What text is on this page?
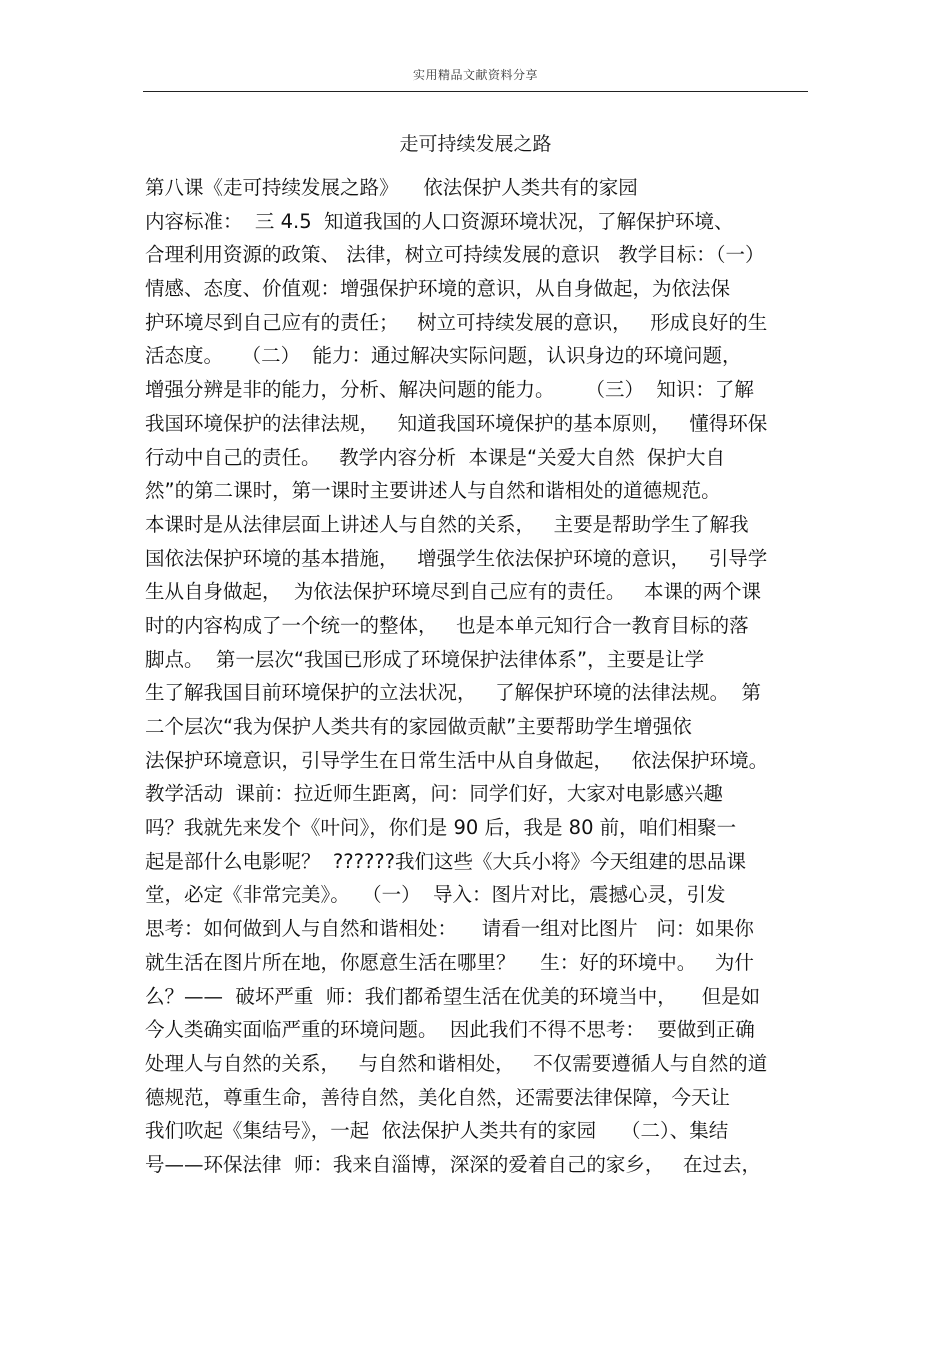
实用精品文献资料分享
走可持续发展之路
第八课《走可持续发展之路》    依法保护人类共有的家园
内容标准：  三 4.5  知道我国的人口资源环境状况，了解保护环境、
合理利用资源的政策、 法律，树立可持续发展的意识   教学目标：（一）
情感、态度、价值观：增强保护环境的意识，从自身做起，为依法保
护环境尽到自己应有的责任；   树立可持续发展的意识，   形成良好的生
活态度。   （二）  能力：通过解决实际问题，认识身边的环境问题，
增强分辨是非的能力，分析、解决问题的能力。     （三）  知识：了解
我国环境保护的法律法规，   知道我国环境保护的基本原则，   懂得环保
行动中自己的责任。   教学内容分析  本课是“关爱大自然  保护大自
然”的第二课时，第一课时主要讲述人与自然和谐相处的道德规范。
本课时是从法律层面上讲述人与自然的关系，   主要是帮助学生了解我
国依法保护环境的基本措施，   增强学生依法保护环境的意识，   引导学
生从自身做起，  为依法保护环境尽到自己应有的责任。   本课的两个课
时的内容构成了一个统一的整体，   也是本单元知行合一教育目标的落
脚点。  第一层次“我国已形成了环境保护法律体系”，主要是让学
生了解我国目前环境保护的立法状况，   了解保护环境的法律法规。  第
二个层次“我为保护人类共有的家园做贡献”主要帮助学生增强依
法保护环境意识，引导学生在日常生活中从自身做起，   依法保护环境。
教学活动  课前：拉近师生距离，问：同学们好，大家对电影感兴趣
吗？我就先来发个《叶问》，你们是 90 后，我是 80 前，咱们相聚一
起是部什么电影呢？  ??????我们这些《大兵小将》今天组建的思品课
堂，必定《非常完美》。  （一）  导入：图片对比，震撼心灵，引发
思考：如何做到人与自然和谐相处：    请看一组对比图片   问：如果你
就生活在图片所在地，你愿意生活在哪里？    生：好的环境中。   为什
么？——  破坏严重  师：我们都希望生活在优美的环境当中，    但是如
今人类确实面临严重的环境问题。  因此我们不得不思考：  要做到正确
处理人与自然的关系，   与自然和谐相处，   不仅需要遵循人与自然的道
德规范，尊重生命，善待自然，美化自然，还需要法律保障，今天让
我们吹起《集结号》，一起  依法保护人类共有的家园    （二）、集结
号——环保法律  师：我来自淄博，深深的爱着自己的家乡，   在过去，
